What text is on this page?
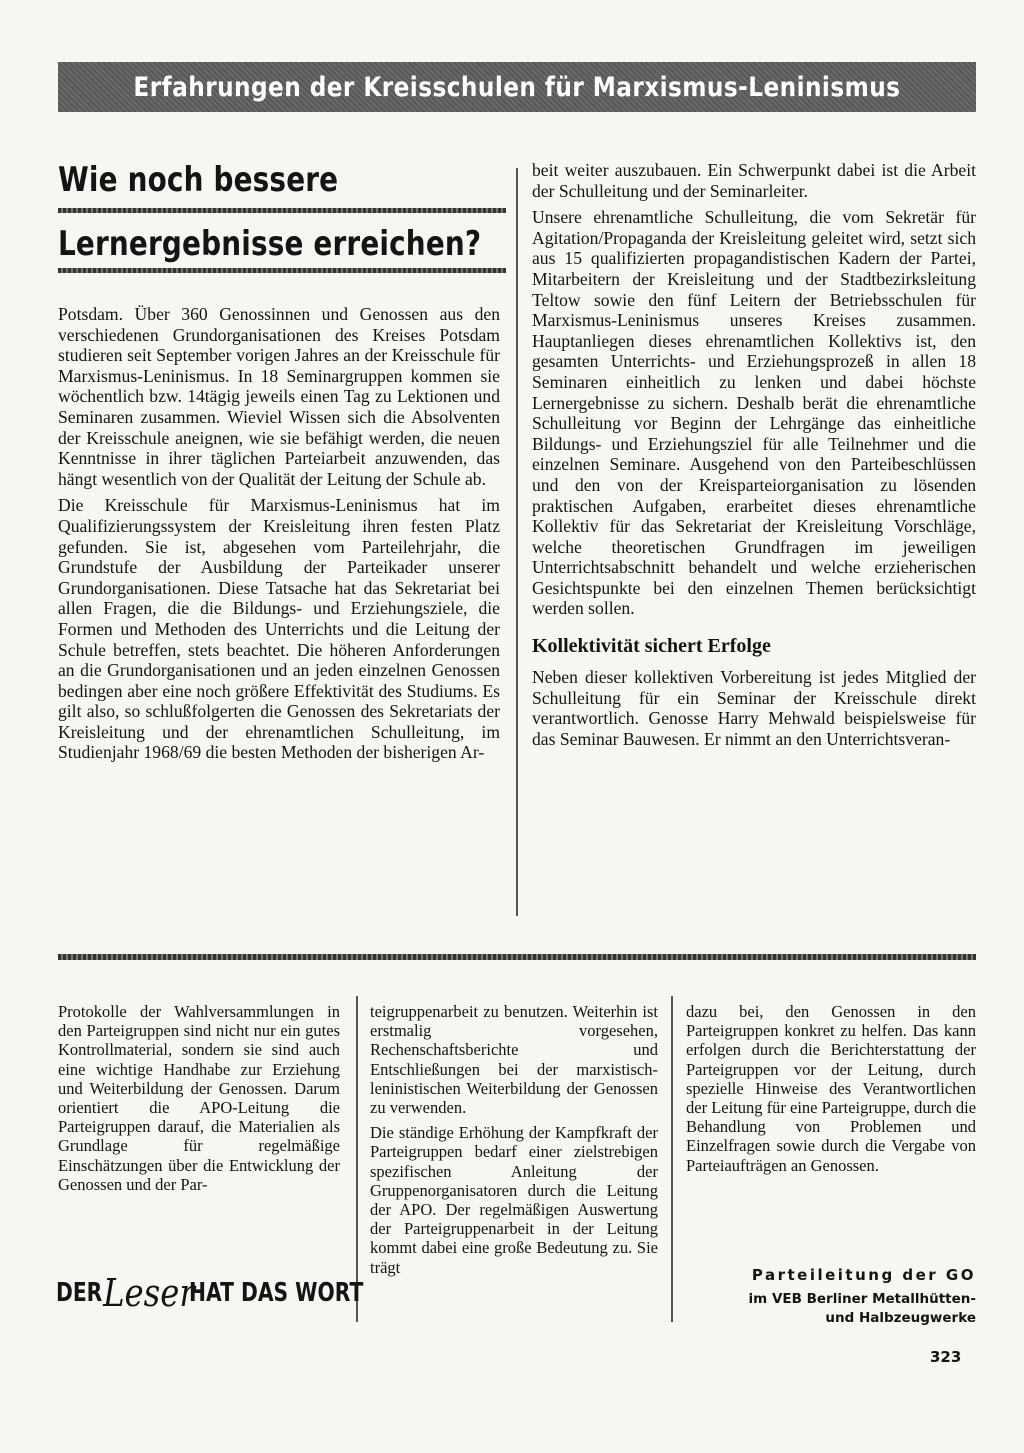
Erfahrungen der Kreisschulen für Marxismus-Leninismus
Wie noch bessere
Lernergebnisse erreichen?

Potsdam. Über 360 Genossinnen und Genossen aus den verschiedenen Grundorganisationen des Kreises Potsdam studieren seit September vorigen Jahres an der Kreisschule für Marxismus-Leninismus. In 18 Seminargruppen kommen sie wöchentlich bzw. 14tägig jeweils einen Tag zu Lektionen und Seminaren zusammen. Wieviel Wissen sich die Absolventen der Kreisschule aneignen, wie sie befähigt werden, die neuen Kenntnisse in ihrer täglichen Parteiarbeit anzuwenden, das hängt wesentlich von der Qualität der Leitung der Schule ab.

Die Kreisschule für Marxismus-Leninismus hat im Qualifizierungssystem der Kreisleitung ihren festen Platz gefunden. Sie ist, abgesehen vom Parteilehrjahr, die Grundstufe der Ausbildung der Parteikader unserer Grundorganisationen. Diese Tatsache hat das Sekretariat bei allen Fragen, die die Bildungs- und Erziehungsziele, die Formen und Methoden des Unterrichts und die Leitung der Schule betreffen, stets beachtet. Die höheren Anforderungen an die Grundorganisationen und an jeden einzelnen Genossen bedingen aber eine noch größere Effektivität des Studiums. Es gilt also, so schlußfolgerten die Genossen des Sekretariats der Kreisleitung und der ehrenamtlichen Schulleitung, im Studienjahr 1968/69 die besten Methoden der bisherigen Ar-

beit weiter auszubauen. Ein Schwerpunkt dabei ist die Arbeit der Schulleitung und der Seminarleiter.

Unsere ehrenamtliche Schulleitung, die vom Sekretär für Agitation/Propaganda der Kreisleitung geleitet wird, setzt sich aus 15 qualifizierten propagandistischen Kadern der Partei, Mitarbeitern der Kreisleitung und der Stadtbezirksleitung Teltow sowie den fünf Leitern der Betriebsschulen für Marxismus-Leninismus unseres Kreises zusammen. Hauptanliegen dieses ehrenamtlichen Kollektivs ist, den gesamten Unterrichts- und Erziehungsprozeß in allen 18 Seminaren einheitlich zu lenken und dabei höchste Lernergebnisse zu sichern. Deshalb berät die ehrenamtliche Schulleitung vor Beginn der Lehrgänge das einheitliche Bildungs- und Erziehungsziel für alle Teilnehmer und die einzelnen Seminare. Ausgehend von den Parteibeschlüssen und den von der Kreisparteiorganisation zu lösenden praktischen Aufgaben, erarbeitet dieses ehrenamtliche Kollektiv für das Sekretariat der Kreisleitung Vorschläge, welche theoretischen Grundfragen im jeweiligen Unterrichtsabschnitt behandelt und welche erzieherischen Gesichtspunkte bei den einzelnen Themen berücksichtigt werden sollen.

Kollektivität sichert Erfolge

Neben dieser kollektiven Vorbereitung ist jedes Mitglied der Schulleitung für ein Seminar der Kreisschule direkt verantwortlich. Genosse Harry Mehwald beispielsweise für das Seminar Bauwesen. Er nimmt an den Unterrichtsveran-

Protokolle der Wahlversammlungen in den Parteigruppen sind nicht nur ein gutes Kontrollmaterial, sondern sie sind auch eine wichtige Handhabe zur Erziehung und Weiterbildung der Genossen. Darum orientiert die APO-Leitung die Parteigruppen darauf, die Materialien als Grundlage für regelmäßige Einschätzungen über die Entwicklung der Genossen und der Par-

teigruppenarbeit zu benutzen. Weiterhin ist erstmalig vorgesehen, Rechenschaftsberichte und Entschließungen bei der marxistisch-leninistischen Weiterbildung der Genossen zu verwenden.

Die ständige Erhöhung der Kampfkraft der Parteigruppen bedarf einer zielstrebigen spezifischen Anleitung der Gruppenorganisatoren durch die Leitung der APO. Der regelmäßigen Auswertung der Parteigruppenarbeit in der Leitung kommt dabei eine große Bedeutung zu. Sie trägt

dazu bei, den Genossen in den Parteigruppen konkret zu helfen. Das kann erfolgen durch die Berichterstattung der Parteigruppen vor der Leitung, durch spezielle Hinweise des Verantwortlichen der Leitung für eine Parteigruppe, durch die Behandlung von Problemen und Einzelfragen sowie durch die Vergabe von Parteiaufträgen an Genossen.

DER Leser
HAT DAS WORT
Parteileitung der GO
im VEB Berliner Metallhütten-
und Halbzeugwerke
323
